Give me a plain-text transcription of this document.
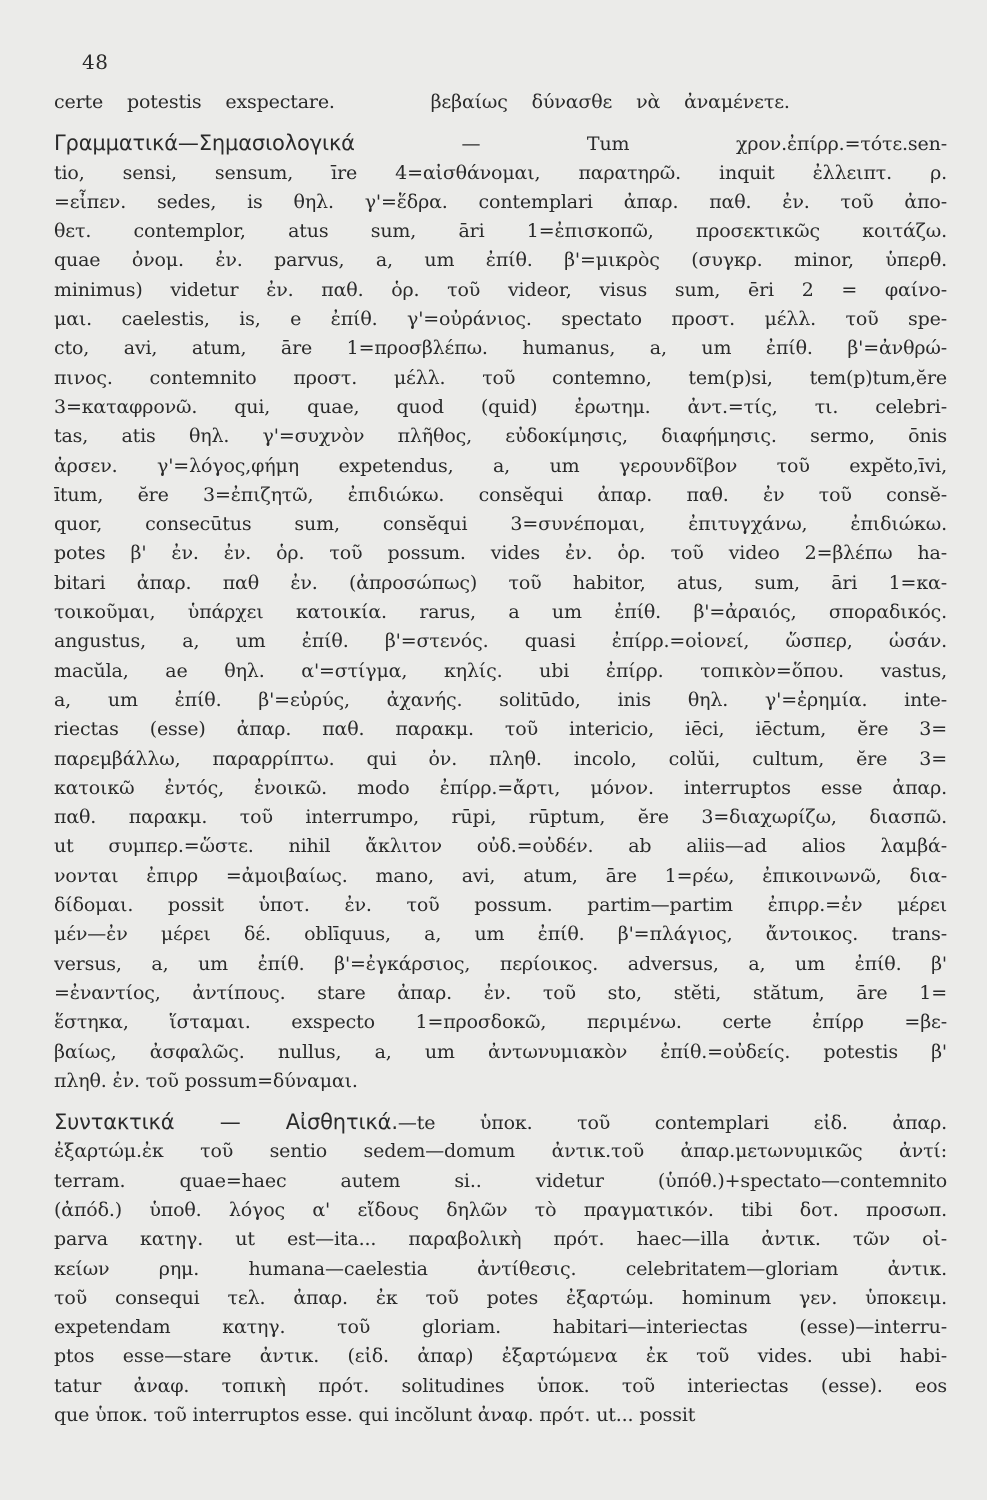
48
certe potestis exspectare.	βεβαίως δύνασθε νὰ ἀναμένετε.
Γραμματικά—Σημασιολογικά — Tum χρον.ἐπίρρ.=τότε.sen-
tio, sensi, sensum, īre 4=αἰσθάνομαι, παρατηρῶ. inquit ἐλλειπτ. ρ.
=εἶπεν. sedes, is θηλ. γ'=ἕδρα. contemplari ἀπαρ. παθ. ἐν. τοῦ ἀπο-
θετ. contemplor, atus sum, āri 1=ἐπισκοπῶ, προσεκτικῶς κοιτάζω.
quae ὀνομ. ἐν. parvus, a, um ἐπίθ. β'=μικρὸς (συγκρ. minor, ὑπερθ.
minimus) videtur ἐν. παθ. ὁρ. τοῦ videor, visus sum, ēri 2 = φαίνο-
μαι. caelestis, is, e ἐπίθ. γ'=οὐράνιος. spectato προστ. μέλλ. τοῦ spe-
cto, avi, atum, āre 1=προσβλέπω. humanus, a, um ἐπίθ. β'=ἀνθρώ-
πινος. contemnito προστ. μέλλ. τοῦ contemno, tem(p)si, tem(p)tum,ĕre
3=καταφρονῶ. qui, quae, quod (quid) ἐρωτημ. ἀντ.=τίς, τι. celebri-
tas, atis θηλ. γ'=συχνὸν πλῆθος, εὐδοκίμησις, διαφήμησις. sermo, ōnis
ἀρσεν. γ'=λόγος,φήμη expetendus, a, um γερουνδῖβον τοῦ expĕto,īvi,
ītum, ĕre 3=ἐπιζητῶ, ἐπιδιώκω. consĕqui ἀπαρ. παθ. ἐν τοῦ consĕ-
quor, consecūtus sum, consĕqui 3=συνέπομαι, ἐπιτυγχάνω, ἐπιδιώκω.
potes β' ἐν. ἐν. ὁρ. τοῦ possum. vides ἐν. ὁρ. τοῦ video 2=βλέπω ha-
bitari ἀπαρ. παθ ἐν. (ἀπροσώπως) τοῦ habitor, atus, sum, āri 1=κα-
τοικοῦμαι, ὑπάρχει κατοικία. rarus, a um ἐπίθ. β'=ἀραιός, σποραδικός.
angustus, a, um ἐπίθ. β'=στενός. quasi ἐπίρρ.=οἱονεί, ὥσπερ, ὡσάν.
macŭla, ae θηλ. α'=στίγμα, κηλίς. ubi ἐπίρρ. τοπικὸν=ὅπου. vastus,
a, um ἐπίθ. β'=εὐρύς, ἀχανής. solitūdo, inis θηλ. γ'=ἐρημία. inte-
riectas (esse) ἀπαρ. παθ. παρακμ. τοῦ intericio, iēci, iēctum, ĕre 3=
παρεμβάλλω, παραρρίπτω. qui ὀν. πληθ. incolo, colŭi, cultum, ĕre 3=
κατοικῶ ἐντός, ἐνοικῶ. modo ἐπίρρ.=ἄρτι, μόνον. interruptos esse ἀπαρ.
παθ. παρακμ. τοῦ interrumpo, rūpi, rūptum, ĕre 3=διαχωρίζω, διασπῶ.
ut συμπερ.=ὥστε. nihil ἄκλιτον οὐδ.=οὐδέν. ab aliis—ad alios λαμβά-
νονται ἐπιρρ =ἀμοιβαίως. mano, avi, atum, āre 1=ρέω, ἐπικοινωνῶ, δια-
δίδομαι. possit ὑποτ. ἐν. τοῦ possum. partim—partim ἐπιρρ.=ἐν μέρει
μέν—ἐν μέρει δέ. oblīquus, a, um ἐπίθ. β'=πλάγιος, ἄντοικος. trans-
versus, a, um ἐπίθ. β'=ἐγκάρσιος, περίοικος. adversus, a, um ἐπίθ. β'
=ἐναντίος, ἀντίπους. stare ἀπαρ. ἐν. τοῦ sto, stĕti, stătum, āre 1=
ἕστηκα, ἵσταμαι. exspecto 1=προσδοκῶ, περιμένω. certe ἐπίρρ =βε-
βαίως, ἀσφαλῶς. nullus, a, um ἀντωνυμιακὸν ἐπίθ.=οὐδείς. potestis β'
πληθ. ἐν. τοῦ possum=δύναμαι.
Συντακτικά — Αἰσθητικά.—te ὑποκ. τοῦ contemplari εἰδ. ἀπαρ.
ἐξαρτώμ.ἐκ τοῦ sentio sedem—domum ἀντικ.τοῦ ἀπαρ.μετωνυμικῶς ἀντί:
terram. quae=haec autem si.. videtur (ὑπόθ.)+spectato—contemnito
(ἀπόδ.) ὑποθ. λόγος α' εἴδους δηλῶν τὸ πραγματικόν. tibi δοτ. προσωπ.
parva κατηγ. ut est—ita... παραβολικὴ πρότ. haec—illa ἀντικ. τῶν οἰ-
κείων ρημ. humana—caelestia ἀντίθεσις. celebritatem—gloriam ἀντικ.
τοῦ consequi τελ. ἀπαρ. ἐκ τοῦ potes ἐξαρτώμ. hominum γεν. ὑποκειμ.
expetendam κατηγ. τοῦ gloriam. habitari—interiectas (esse)—interru-
ptos esse—stare ἀντικ. (εἰδ. ἀπαρ) ἐξαρτώμενα ἐκ τοῦ vides. ubi habi-
tatur ἀναφ. τοπικὴ πρότ. solitudines ὑποκ. τοῦ interiectas (esse). eos
que ὑποκ. τοῦ interruptos esse. qui incŏlunt ἀναφ. πρότ. ut... possit
